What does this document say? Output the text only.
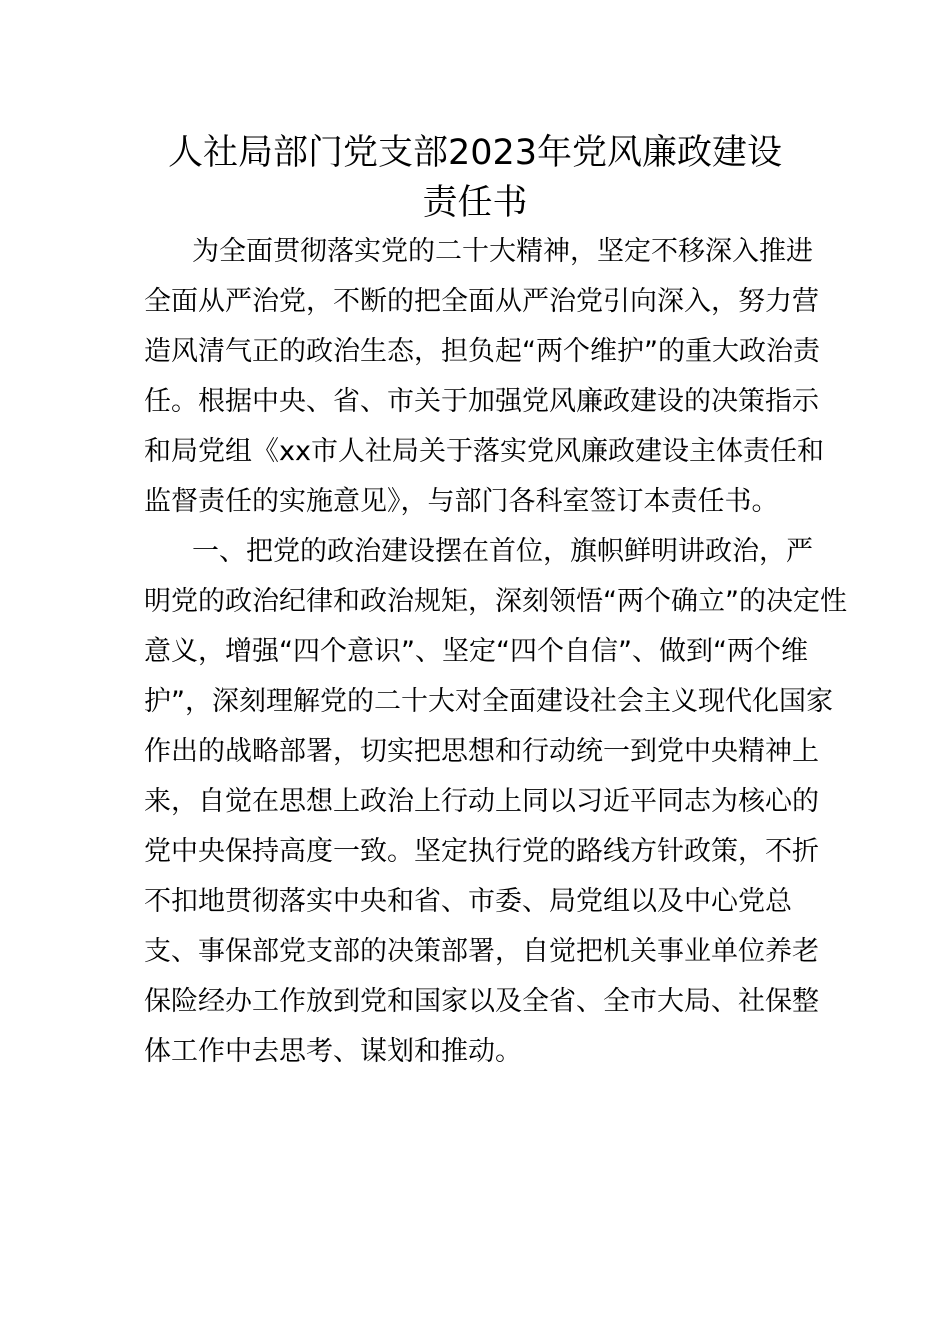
人社局部门党支部2023年党风廉政建设
责任书

为全面贯彻落实党的二十大精神，坚定不移深入推进

全面从严治党，不断的把全面从严治党引向深入，努力营

造风清气正的政治生态，担负起“两个维护”的重大政治责

任。根据中央、省、市关于加强党风廉政建设的决策指示

和局党组《xx市人社局关于落实党风廉政建设主体责任和

监督责任的实施意见》，与部门各科室签订本责任书。

一、把党的政治建设摆在首位，旗帜鲜明讲政治，严

明党的政治纪律和政治规矩，深刻领悟“两个确立”的决定性

意义，增强“四个意识”、坚定“四个自信”、做到“两个维

护”，深刻理解党的二十大对全面建设社会主义现代化国家

作出的战略部署，切实把思想和行动统一到党中央精神上

来，自觉在思想上政治上行动上同以习近平同志为核心的

党中央保持高度一致。坚定执行党的路线方针政策，不折

不扣地贯彻落实中央和省、市委、局党组以及中心党总

支、事保部党支部的决策部署，自觉把机关事业单位养老

保险经办工作放到党和国家以及全省、全市大局、社保整

体工作中去思考、谋划和推动。
